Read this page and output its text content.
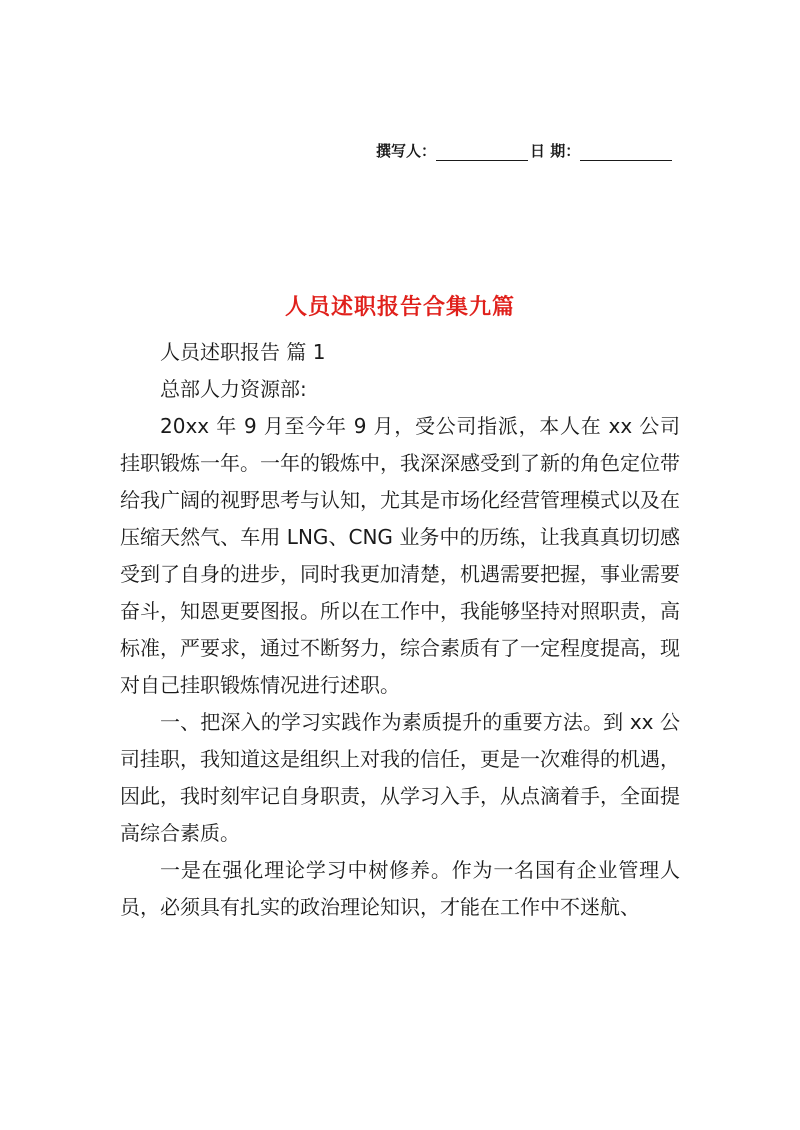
撰写人：	日 期：
人员述职报告合集九篇

人员述职报告 篇 1

总部人力资源部:

20xx 年 9 月至今年 9 月，受公司指派，本人在 xx 公司挂职锻炼一年。一年的锻炼中，我深深感受到了新的角色定位带给我广阔的视野思考与认知，尤其是市场化经营管理模式以及在压缩天然气、车用 LNG、CNG 业务中的历练，让我真真切切感受到了自身的进步，同时我更加清楚，机遇需要把握，事业需要奋斗，知恩更要图报。所以在工作中，我能够坚持对照职责，高标准，严要求，通过不断努力，综合素质有了一定程度提高，现对自己挂职锻炼情况进行述职。

一、把深入的学习实践作为素质提升的重要方法。到 xx 公司挂职，我知道这是组织上对我的信任，更是一次难得的机遇，因此，我时刻牢记自身职责，从学习入手，从点滴着手，全面提高综合素质。

一是在强化理论学习中树修养。作为一名国有企业管理人员，必须具有扎实的政治理论知识，才能在工作中不迷航、
